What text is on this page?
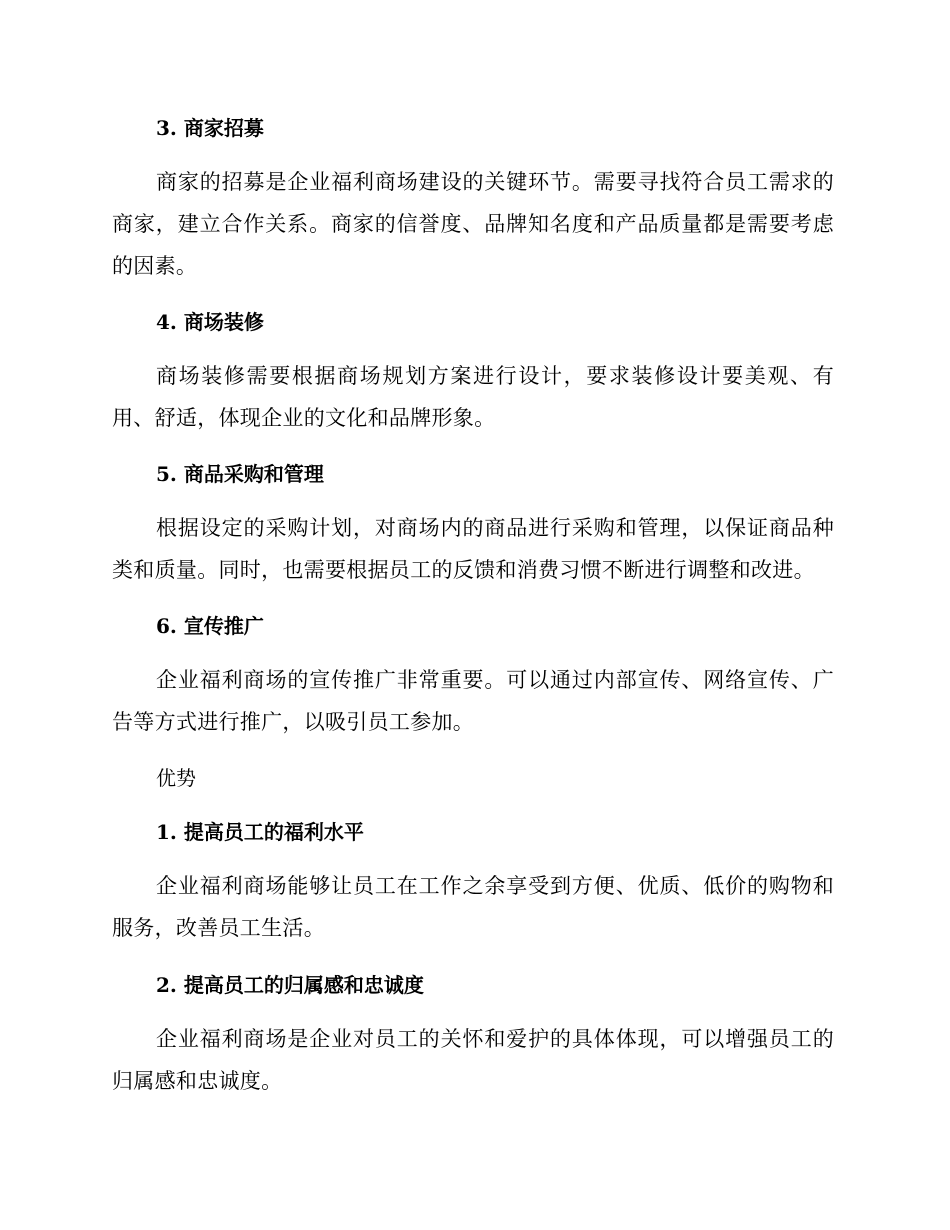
3. 商家招募

商家的招募是企业福利商场建设的关键环节。需要寻找符合员工需求的商家，建立合作关系。商家的信誉度、品牌知名度和产品质量都是需要考虑的因素。

4. 商场装修

商场装修需要根据商场规划方案进行设计，要求装修设计要美观、有用、舒适，体现企业的文化和品牌形象。

5. 商品采购和管理

根据设定的采购计划，对商场内的商品进行采购和管理，以保证商品种类和质量。同时，也需要根据员工的反馈和消费习惯不断进行调整和改进。

6. 宣传推广

企业福利商场的宣传推广非常重要。可以通过内部宣传、网络宣传、广告等方式进行推广，以吸引员工参加。

优势
1. 提高员工的福利水平

企业福利商场能够让员工在工作之余享受到方便、优质、低价的购物和服务，改善员工生活。

2. 提高员工的归属感和忠诚度

企业福利商场是企业对员工的关怀和爱护的具体体现，可以增强员工的归属感和忠诚度。
